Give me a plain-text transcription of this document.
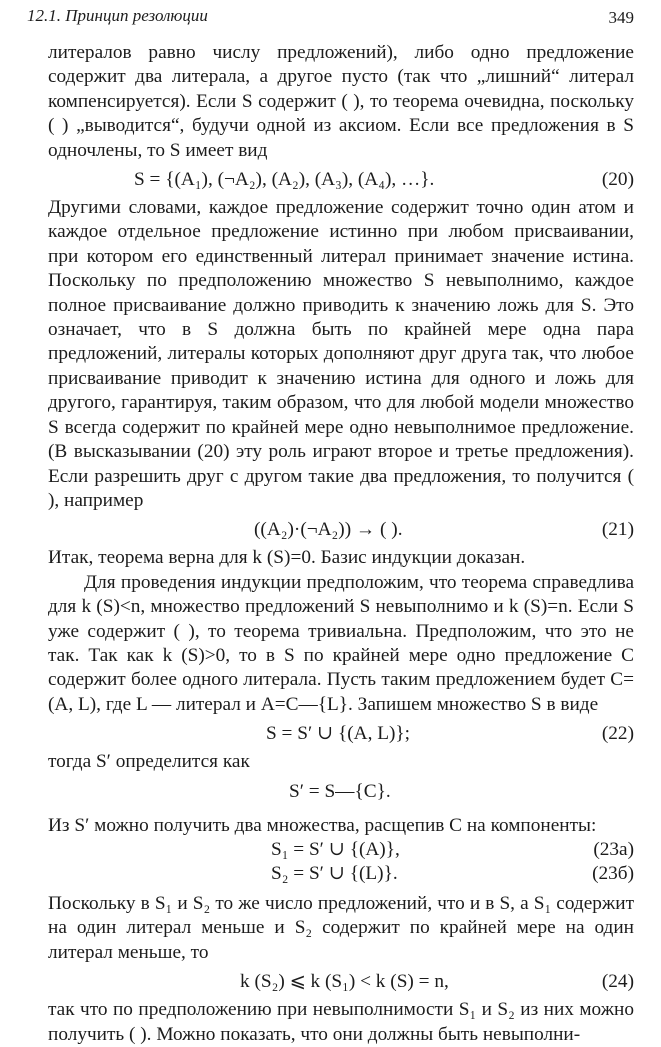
12.1. Принцип резолюции	349

литералов равно числу предложений), либо одно предложение содержит два литерала, а другое пусто (так что „лишний“ литерал компенсируется). Если S содержит ( ), то теорема очевидна, поскольку ( ) „выводится“, будучи одной из аксиом. Если все предложения в S одночлены, то S имеет вид

S = {(A₁), (¬A₂), (A₂), (A₃), (A₄), …}.	(20)

Другими словами, каждое предложение содержит точно один атом и каждое отдельное предложение истинно при любом присваивании, при котором его единственный литерал принимает значение истина. Поскольку по предположению множество S невыполнимо, каждое полное присваивание должно приводить к значению ложь для S. Это означает, что в S должна быть по крайней мере одна пара предложений, литералы которых дополняют друг друга так, что любое присваивание приводит к значению истина для одного и ложь для другого, гарантируя, таким образом, что для любой модели множество S всегда содержит по крайней мере одно невыполнимое предложение. (В высказывании (20) эту роль играют второе и третье предложения). Если разрешить друг с другом такие два предложения, то получится ( ), например

((A₂)·(¬A₂)) → ( ).	(21)

Итак, теорема верна для k (S)=0. Базис индукции доказан.

Для проведения индукции предположим, что теорема справедлива для k (S)<n, множество предложений S невыполнимо и k (S)=n. Если S уже содержит ( ), то теорема тривиальна. Предположим, что это не так. Так как k (S)>0, то в S по крайней мере одно предложение C содержит более одного литерала. Пусть таким предложением будет C=(A, L), где L — литерал и A=C—{L}. Запишем множество S в виде

S = S′ ∪ {(A, L)};	(22)

тогда S′ определится как

S′ = S—{C}.

Из S′ можно получить два множества, расщепив C на компоненты:

S₁ = S′ ∪ {(A)},	(23а)
S₂ = S′ ∪ {(L)}.	(23б)

Поскольку в S₁ и S₂ то же число предложений, что и в S, а S₁ содержит на один литерал меньше и S₂ содержит по крайней мере на один литерал меньше, то

k (S₂) ⩽ k (S₁) < k (S) = n,	(24)

так что по предположению при невыполнимости S₁ и S₂ из них можно получить ( ). Можно показать, что они должны быть невыполни-
